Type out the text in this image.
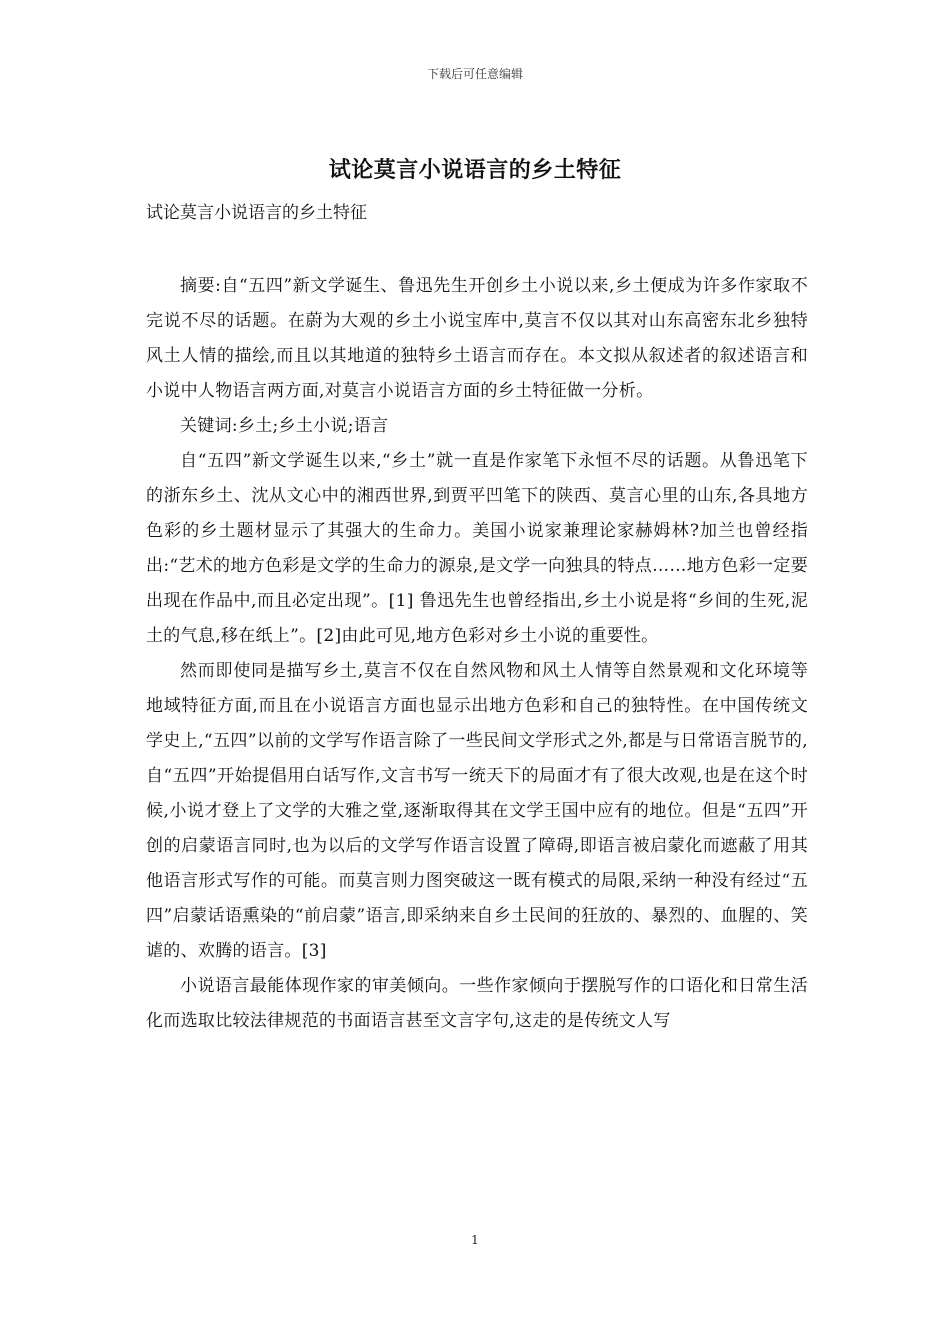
下载后可任意编辑
试论莫言小说语言的乡土特征
试论莫言小说语言的乡土特征

摘要:自“五四”新文学诞生、鲁迅先生开创乡土小说以来,乡土便成为许多作家取不完说不尽的话题。在蔚为大观的乡土小说宝库中,莫言不仅以其对山东高密东北乡独特风土人情的描绘,而且以其地道的独特乡土语言而存在。本文拟从叙述者的叙述语言和小说中人物语言两方面,对莫言小说语言方面的乡土特征做一分析。

关键词:乡土;乡土小说;语言

自“五四”新文学诞生以来,“乡土”就一直是作家笔下永恒不尽的话题。从鲁迅笔下的浙东乡土、沈从文心中的湘西世界,到贾平凹笔下的陕西、莫言心里的山东,各具地方色彩的乡土题材显示了其强大的生命力。美国小说家兼理论家赫姆林?加兰也曾经指出:“艺术的地方色彩是文学的生命力的源泉,是文学一向独具的特点……地方色彩一定要出现在作品中,而且必定出现”。[1] 鲁迅先生也曾经指出,乡土小说是将“乡间的生死,泥土的气息,移在纸上”。[2]由此可见,地方色彩对乡土小说的重要性。

然而即使同是描写乡土,莫言不仅在自然风物和风土人情等自然景观和文化环境等地域特征方面,而且在小说语言方面也显示出地方色彩和自己的独特性。在中国传统文学史上,“五四”以前的文学写作语言除了一些民间文学形式之外,都是与日常语言脱节的,自“五四”开始提倡用白话写作,文言书写一统天下的局面才有了很大改观,也是在这个时候,小说才登上了文学的大雅之堂,逐渐取得其在文学王国中应有的地位。但是“五四”开创的启蒙语言同时,也为以后的文学写作语言设置了障碍,即语言被启蒙化而遮蔽了用其他语言形式写作的可能。而莫言则力图突破这一既有模式的局限,采纳一种没有经过“五四”启蒙话语熏染的“前启蒙”语言,即采纳来自乡土民间的狂放的、暴烈的、血腥的、笑谑的、欢腾的语言。[3]

小说语言最能体现作家的审美倾向。一些作家倾向于摆脱写作的口语化和日常生活化而选取比较法律规范的书面语言甚至文言字句,这走的是传统文人写

1
